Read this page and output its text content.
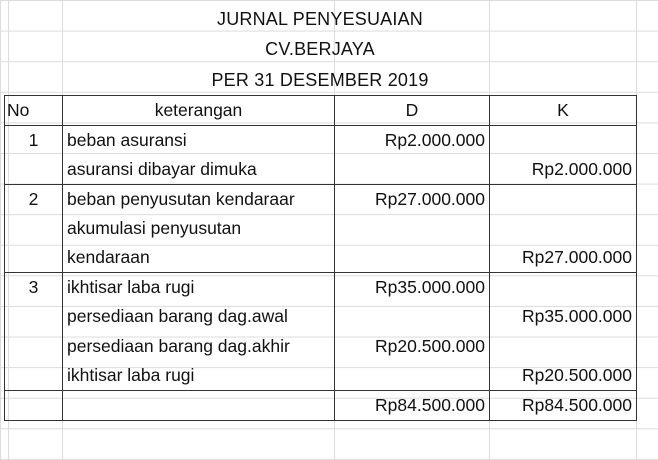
JURNAL PENYESUAIAN
CV.BERJAYA
PER 31 DESEMBER 2019
No	keterangan	D	K
1	beban asuransi	Rp2.000.000	
	asuransi dibayar dimuka		Rp2.000.000
2	beban penyusutan kendaraar	Rp27.000.000	
	akumulasi penyusutan		
	kendaraan		Rp27.000.000
3	ikhtisar laba rugi	Rp35.000.000	
	persediaan barang dag.awal		Rp35.000.000
	persediaan barang dag.akhir	Rp20.500.000	
	ikhtisar laba rugi		Rp20.500.000
		Rp84.500.000	Rp84.500.000
